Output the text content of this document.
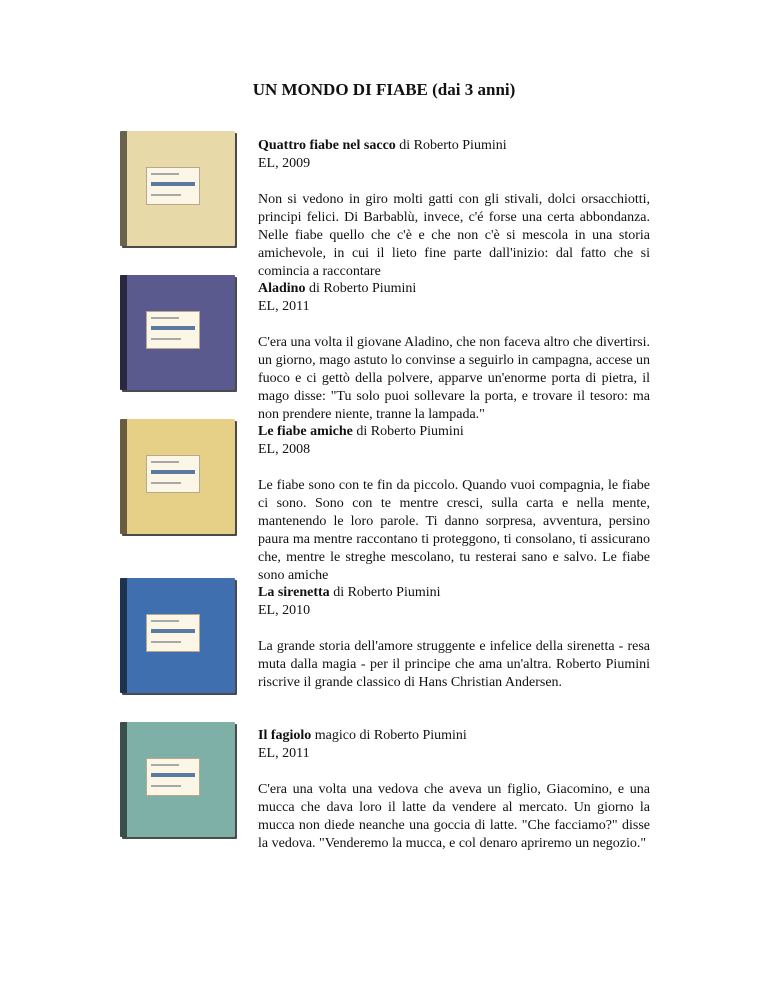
UN MONDO DI FIABE (dai 3 anni)
Quattro fiabe nel sacco di Roberto Piumini
EL, 2009
Non si vedono in giro molti gatti con gli stivali, dolci orsacchiotti, principi felici. Di Barbablù, invece, c'é forse una certa abbondanza. Nelle fiabe quello che c'è e che non c'è si mescola in una storia amichevole, in cui il lieto fine parte dall'inizio: dal fatto che si comincia a raccontare
Aladino di Roberto Piumini
EL, 2011
C'era una volta il giovane Aladino, che non faceva altro che divertirsi. un giorno, mago astuto lo convinse a seguirlo in campagna, accese un fuoco e ci gettò della polvere, apparve un'enorme porta di pietra, il mago disse: "Tu solo puoi sollevare la porta, e trovare il tesoro: ma non prendere niente, tranne la lampada."
Le fiabe amiche di Roberto Piumini
EL, 2008
Le fiabe sono con te fin da piccolo. Quando vuoi compagnia, le fiabe ci sono. Sono con te mentre cresci, sulla carta e nella mente, mantenendo le loro parole. Ti danno sorpresa, avventura, persino paura ma mentre raccontano ti proteggono, ti consolano, ti assicurano che, mentre le streghe mescolano, tu resterai sano e salvo. Le fiabe sono amiche
La sirenetta di Roberto Piumini
EL, 2010
La grande storia dell'amore struggente e infelice della sirenetta - resa muta dalla magia - per il principe che ama un'altra. Roberto Piumini riscrive il grande classico di Hans Christian Andersen.
Il fagiolo magico di Roberto Piumini
EL, 2011
C'era una volta una vedova che aveva un figlio, Giacomino, e una mucca che dava loro il latte da vendere al mercato. Un giorno la mucca non diede neanche una goccia di latte. "Che facciamo?" disse la vedova. "Venderemo la mucca, e col denaro apriremo un negozio."
